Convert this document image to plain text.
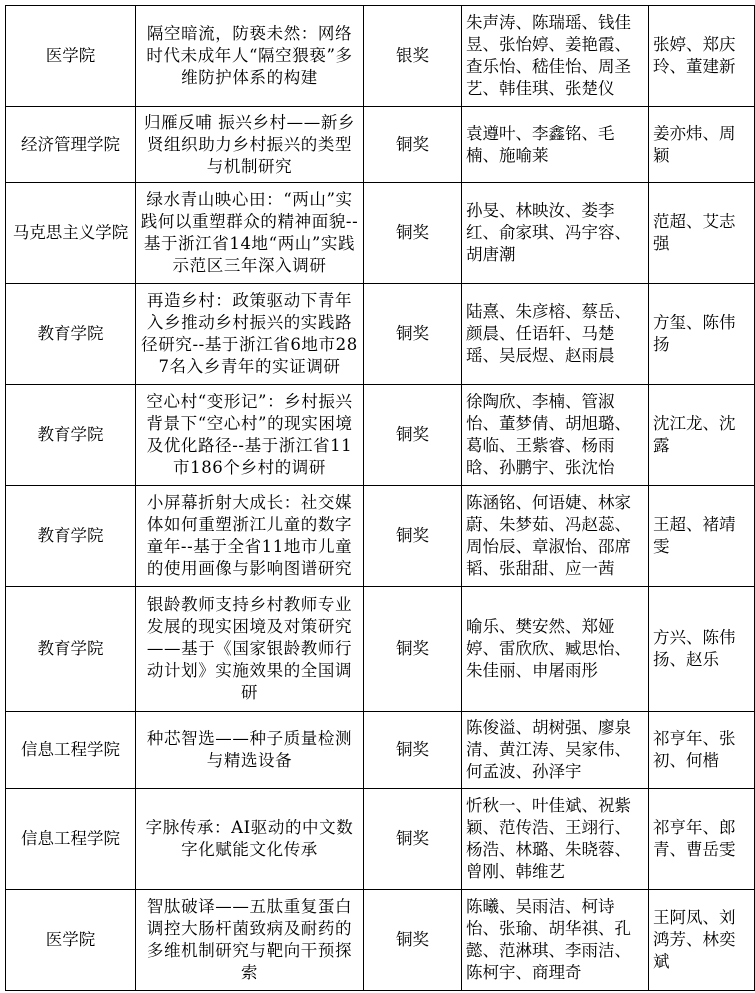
医学院	隔空暗流，防亵未然：网络时代未成年人“隔空猥亵”多维防护体系的构建	银奖	朱声涛、陈瑞瑶、钱佳昱、张怡婷、姜艳霞、查乐怡、嵇佳怡、周圣艺、韩佳琪、张楚仪	张婷、郑庆玲、董建新
经济管理学院	归雁反哺 振兴乡村——新乡贤组织助力乡村振兴的类型与机制研究	铜奖	袁遵叶、李鑫铭、毛楠、施喻莱	姜亦炜、周颖
马克思主义学院	绿水青山映心田：“两山”实践何以重塑群众的精神面貌--基于浙江省14地“两山”实践示范区三年深入调研	铜奖	孙旻、林映汝、娄李红、俞家琪、冯宇容、胡唐潮	范超、艾志强
教育学院	再造乡村：政策驱动下青年入乡推动乡村振兴的实践路径研究--基于浙江省6地市287名入乡青年的实证调研	铜奖	陆熹、朱彦榕、蔡岳、颜晨、任语轩、马楚瑶、吴辰煜、赵雨晨	方玺、陈伟扬
教育学院	空心村“变形记”：乡村振兴背景下“空心村”的现实困境及优化路径--基于浙江省11市186个乡村的调研	铜奖	徐陶欣、李楠、管淑怡、董梦倩、胡旭璐、葛临、王紫睿、杨雨晗、孙鹏宇、张沈怡	沈江龙、沈露
教育学院	小屏幕折射大成长：社交媒体如何重塑浙江儿童的数字童年--基于全省11地市儿童的使用画像与影响图谱研究	铜奖	陈涵铭、何语婕、林家蔚、朱梦茹、冯赵蕊、周怡辰、章淑怡、邵席韬、张甜甜、应一茜	王超、褚靖雯
教育学院	银龄教师支持乡村教师专业发展的现实困境及对策研究——基于《国家银龄教师行动计划》实施效果的全国调研	铜奖	喻乐、樊安然、郑娅婷、雷欣欣、臧思怡、朱佳丽、申屠雨彤	方兴、陈伟扬、赵乐
信息工程学院	种芯智选——种子质量检测与精选设备	铜奖	陈俊溢、胡树强、廖泉清、黄江涛、吴家伟、何孟波、孙泽宇	祁亨年、张初、何楷
信息工程学院	字脉传承：AI驱动的中文数字化赋能文化传承	铜奖	忻秋一、叶佳斌、祝紫颖、范传浩、王翊行、杨浩、林璐、朱晓蓉、曾刚、韩维艺	祁亨年、郎青、曹岳雯
医学院	智肽破译——五肽重复蛋白调控大肠杆菌致病及耐药的多维机制研究与靶向干预探索	铜奖	陈曦、吴雨洁、柯诗怡、张瑜、胡华祺、孔懿、范淋琪、李雨洁、陈柯宇、商理奇	王阿凤、刘鸿芳、林奕斌
